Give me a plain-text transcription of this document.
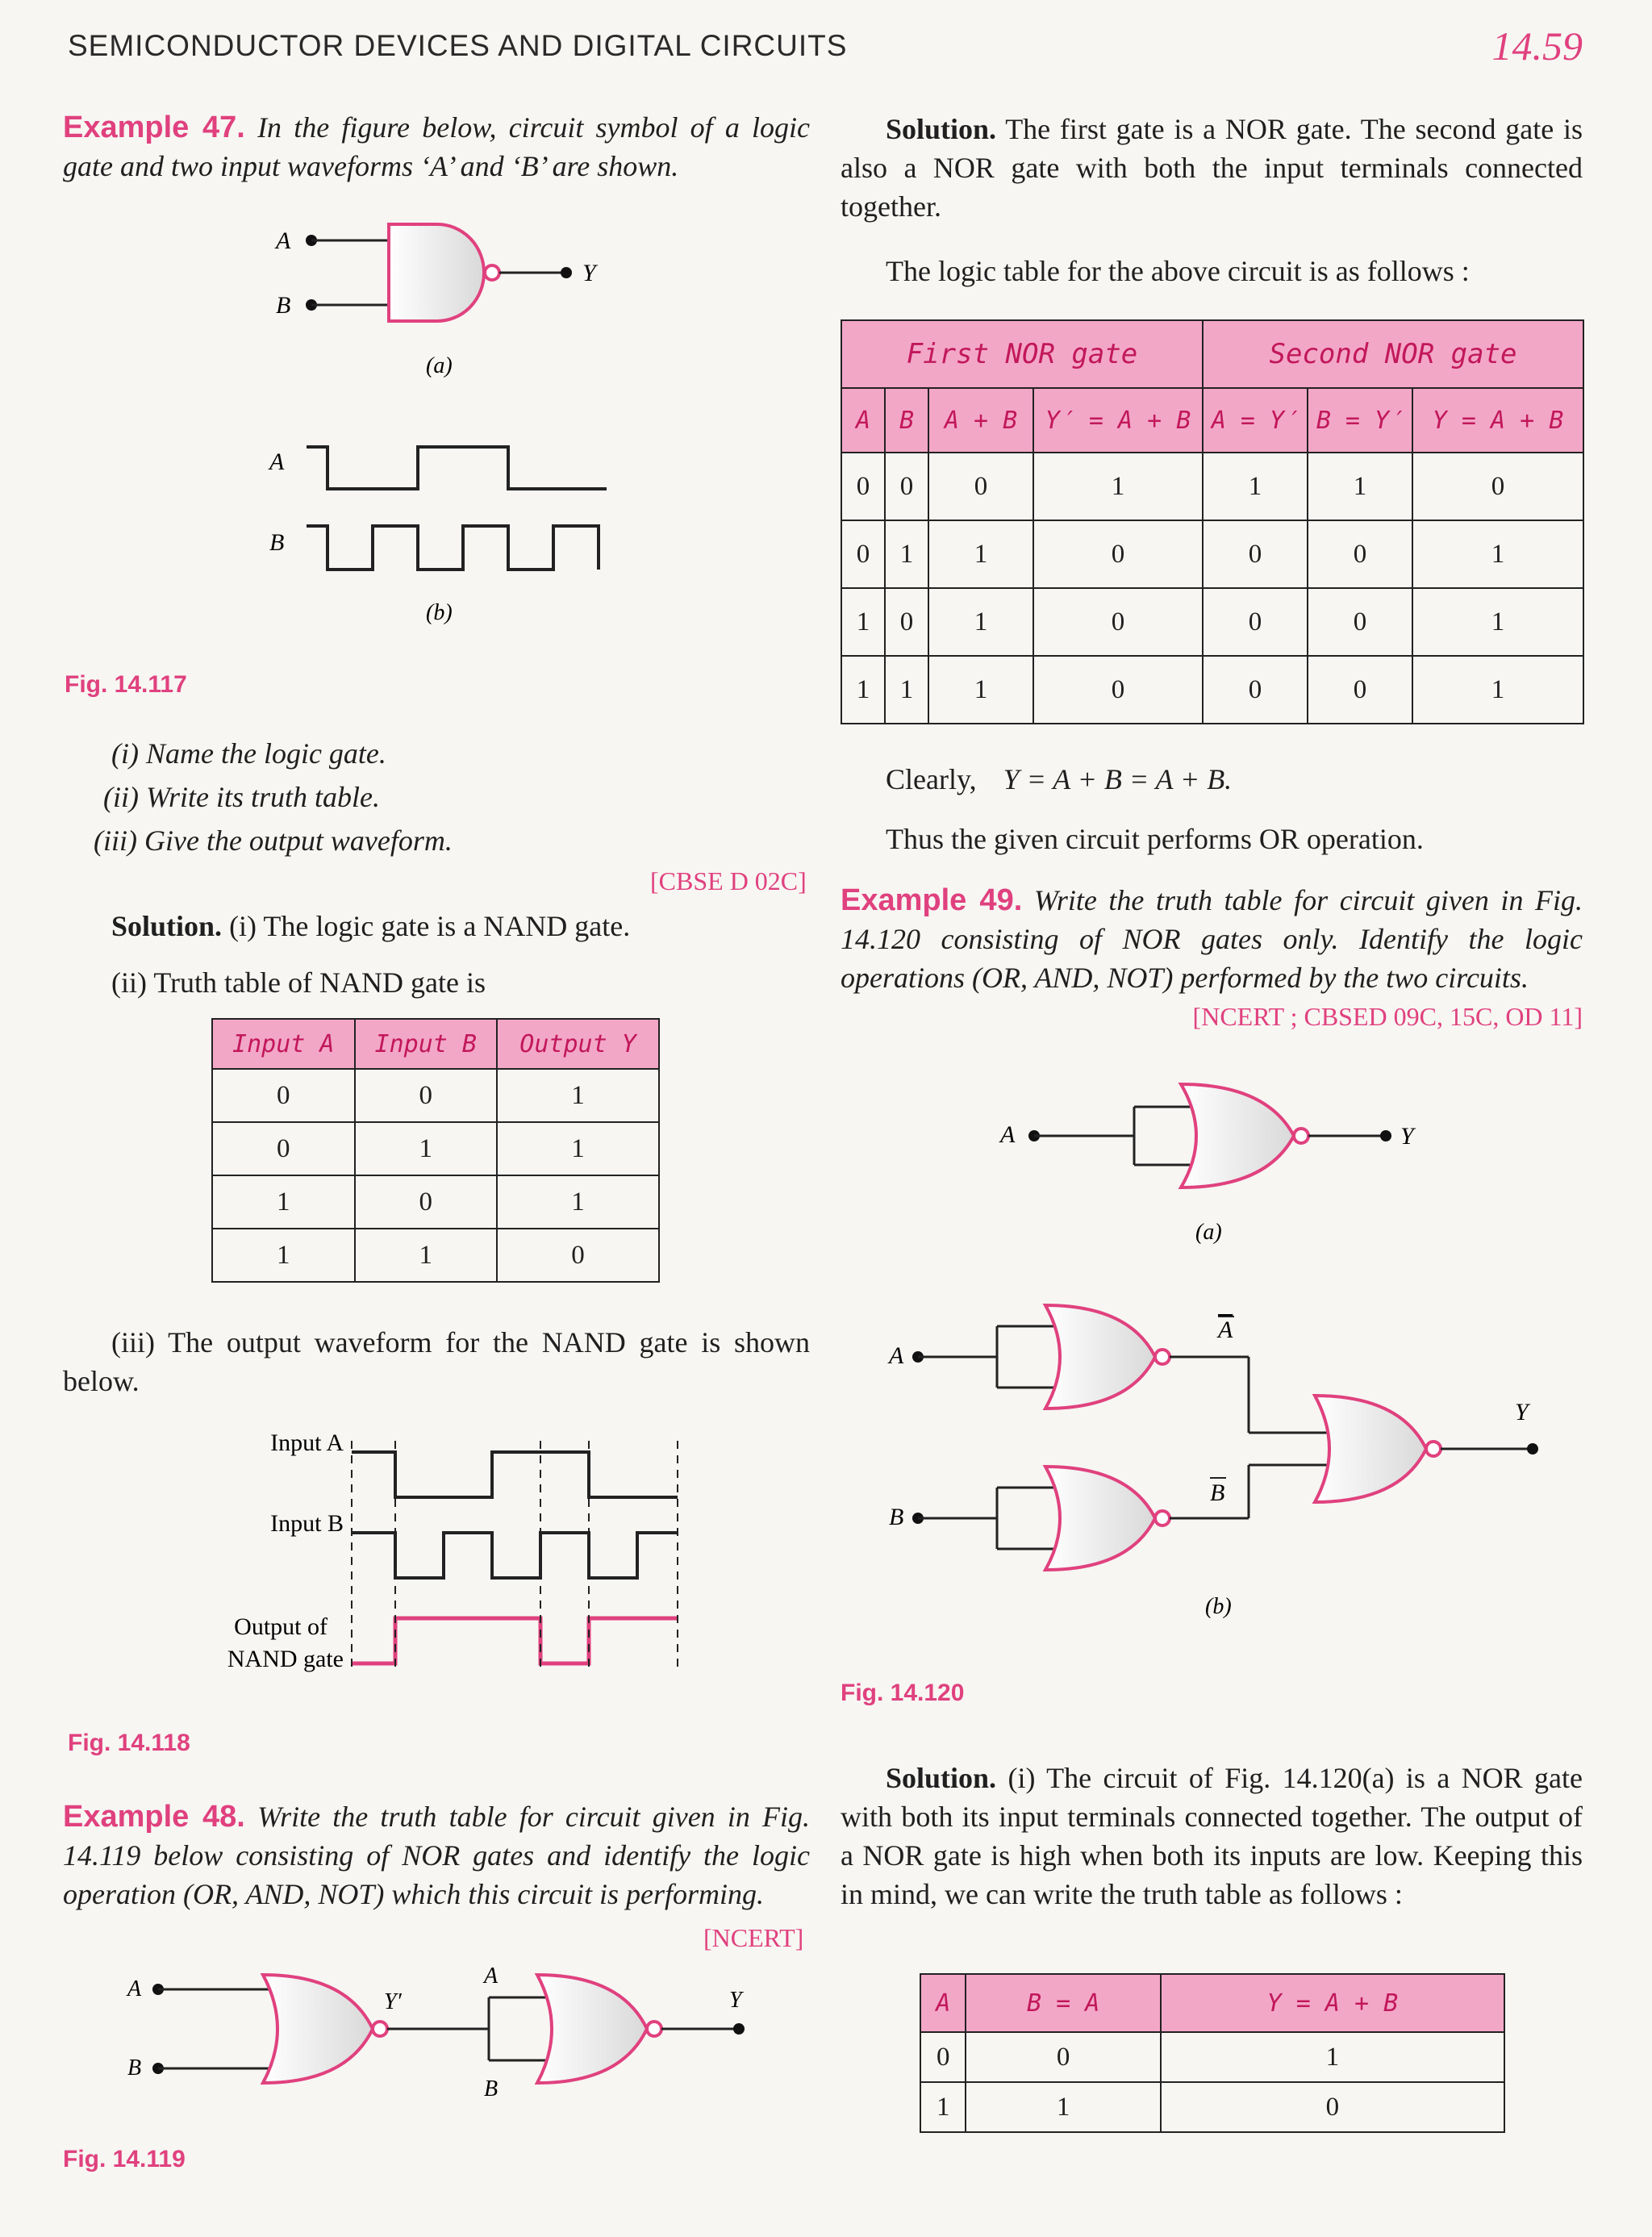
SEMICONDUCTOR DEVICES AND DIGITAL CIRCUITS	14.59
Example 47. In the figure below, circuit symbol of a logic gate and two input waveforms ‘A’ and ‘B’ are shown.
A
B
Y
(a)
A
B
(b)
Fig. 14.117
(i) Name the logic gate.
(ii) Write its truth table.
(iii) Give the output waveform.
[CBSE D 02C]
Solution. (i) The logic gate is a NAND gate.
(ii) Truth table of NAND gate is
Input A	Input B	Output Y
0	0	1
0	1	1
1	0	1
1	1	0
(iii) The output waveform for the NAND gate is shown below.
Input A
Input B
Output of
NAND gate
Fig. 14.118
Example 48. Write the truth table for circuit given in Fig. 14.119 below consisting of NOR gates and identify the logic operation (OR, AND, NOT) which this circuit is performing.
[NCERT]
A
B
Y′
A
B
Y
Fig. 14.119
Solution. The first gate is a NOR gate. The second gate is also a NOR gate with both the input terminals connected together.
The logic table for the above circuit is as follows :
First NOR gate				Second NOR gate		
A	B	A + B	Y′ = A + B	A = Y′	B = Y′	Y = A + B
0	0	0	1	1	1	0
0	1	1	0	0	0	1
1	0	1	0	0	0	1
1	1	1	0	0	0	1
Clearly, Y = A + B = A + B.
Thus the given circuit performs OR operation.
Example 49. Write the truth table for circuit given in Fig. 14.120 consisting of NOR gates only. Identify the logic operations (OR, AND, NOT) performed by the two circuits.
[NCERT ; CBSED 09C, 15C, OD 11]
A	Y
(a)
A
A
B
B
Y
(b)
Fig. 14.120
Solution. (i) The circuit of Fig. 14.120(a) is a NOR gate with both its input terminals connected together. The output of a NOR gate is high when both its inputs are low. Keeping this in mind, we can write the truth table as follows :
A	B = A	Y = A + B
0	0	1
1	1	0
